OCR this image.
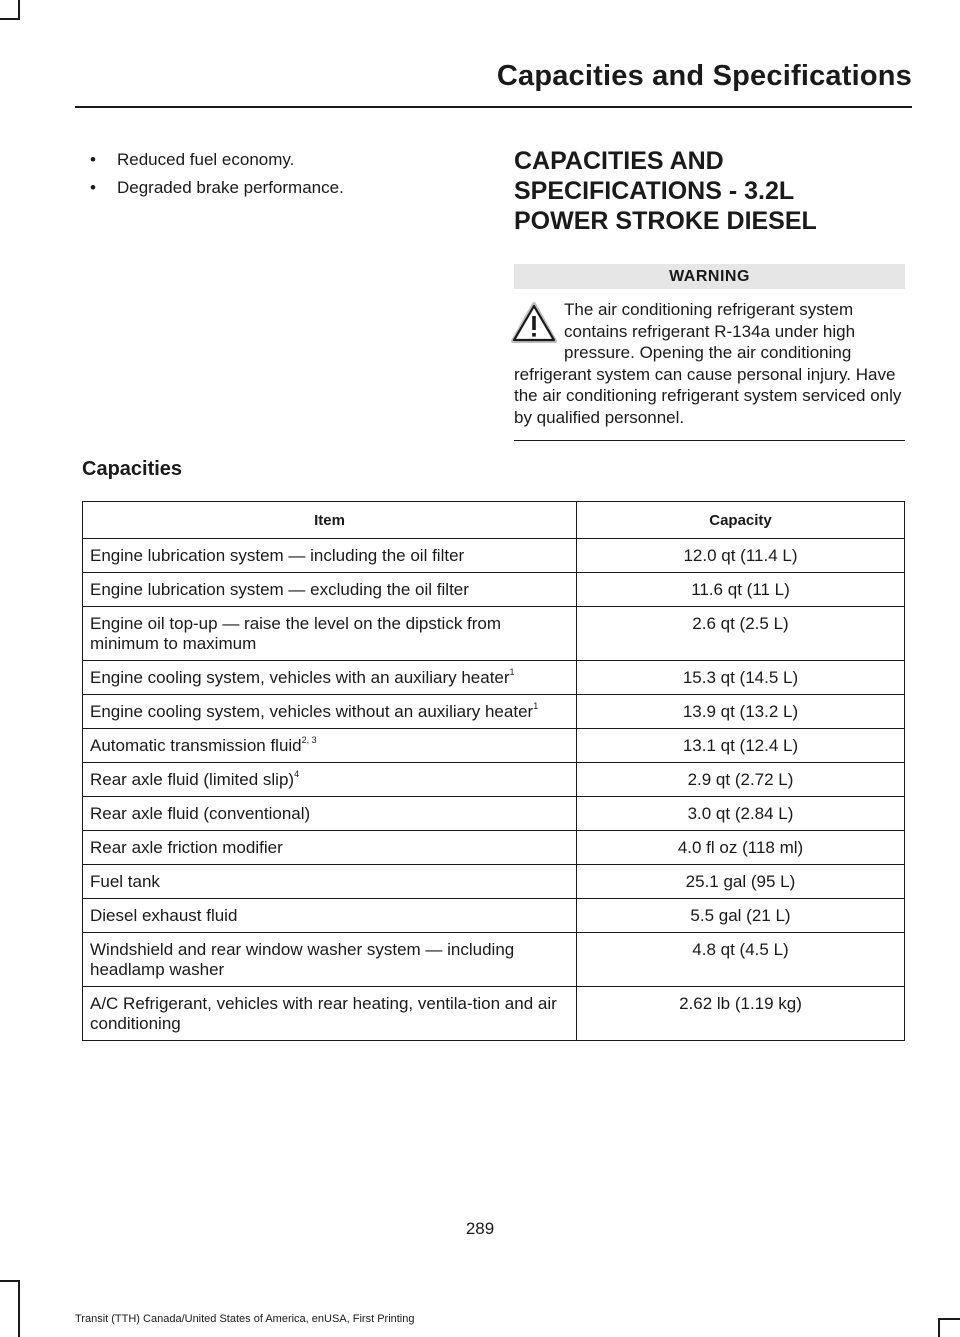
Capacities and Specifications
• Reduced fuel economy.
• Degraded brake performance.
CAPACITIES AND
SPECIFICATIONS - 3.2L
POWER STROKE DIESEL
WARNING
The air conditioning refrigerant system contains refrigerant R-134a under high pressure. Opening the air conditioning refrigerant system can cause personal injury. Have the air conditioning refrigerant system serviced only by qualified personnel.
Capacities
Item	Capacity
Engine lubrication system — including the oil filter	12.0 qt (11.4 L)
Engine lubrication system — excluding the oil filter	11.6 qt (11 L)
Engine oil top-up — raise the level on the dipstick from minimum to maximum	2.6 qt (2.5 L)
Engine cooling system, vehicles with an auxiliary heater$^1$	15.3 qt (14.5 L)
Engine cooling system, vehicles without an auxiliary heater$^1$	13.9 qt (13.2 L)
Automatic transmission fluid$^{2, 3}$	13.1 qt (12.4 L)
Rear axle fluid (limited slip)$^4$	2.9 qt (2.72 L)
Rear axle fluid (conventional)	3.0 qt (2.84 L)
Rear axle friction modifier	4.0 fl oz (118 ml)
Fuel tank	25.1 gal (95 L)
Diesel exhaust fluid	5.5 gal (21 L)
Windshield and rear window washer system — including headlamp washer	4.8 qt (4.5 L)
A/C Refrigerant, vehicles with rear heating, ventila-tion and air conditioning	2.62 lb (1.19 kg)
289
Transit (TTH) Canada/United States of America, enUSA, First Printing
